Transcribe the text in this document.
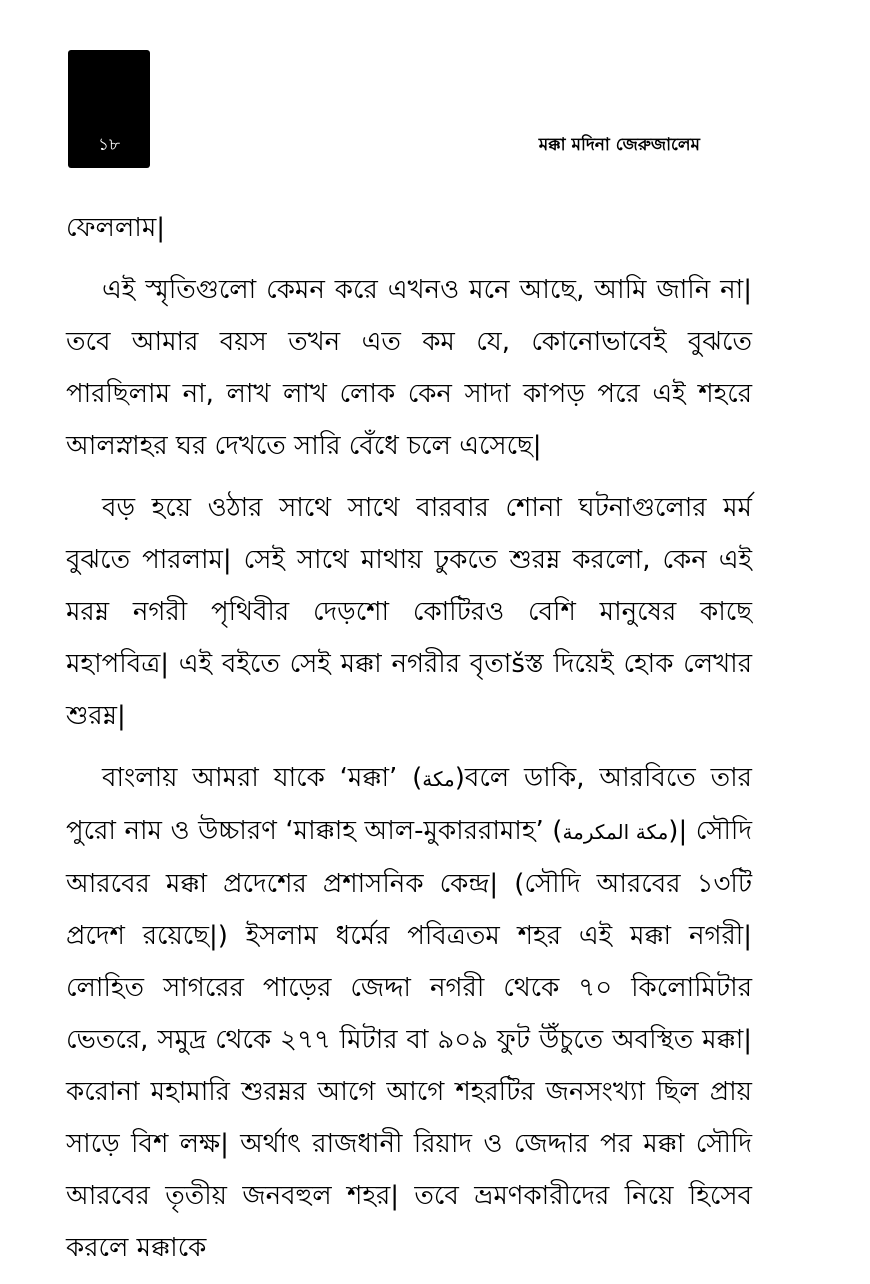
১৮	মক্কা মদিনা জেরুজালেম

ফেললাম|

এই স্মৃতিগুলো কেমন করে এখনও মনে আছে, আমি জানি না| তবে আমার বয়স তখন এত কম যে, কোনোভাবেই বুঝতে পারছিলাম না, লাখ লাখ লোক কেন সাদা কাপড় পরে এই শহরে আলস্নাহর ঘর দেখতে সারি বেঁধে চলে এসেছে|

বড় হয়ে ওঠার সাথে সাথে বারবার শোনা ঘটনাগুলোর মর্ম বুঝতে পারলাম| সেই সাথে মাথায় ঢুকতে শুরম্ন করলো, কেন এই মরম্ন নগরী পৃথিবীর দেড়শো কোটিরও বেশি মানুষের কাছে মহাপবিত্র| এই বইতে সেই মক্কা নগরীর বৃতাšস্ত দিয়েই হোক লেখার শুরম্ন|

বাংলায় আমরা যাকে ‘মক্কা’ (مكة)বলে ডাকি, আরবিতে তার পুরো নাম ও উচ্চারণ ‘মাক্কাহ আল-মুকাররামাহ’ (مكة المكرمة)| সৌদি আরবের মক্কা প্রদেশের প্রশাসনিক কেন্দ্র| (সৌদি আরবের ১৩টি প্রদেশ রয়েছে|) ইসলাম ধর্মের পবিত্রতম শহর এই মক্কা নগরী| লোহিত সাগরের পাড়ের জেদ্দা নগরী থেকে ৭০ কিলোমিটার ভেতরে, সমুদ্র থেকে ২৭৭ মিটার বা ৯০৯ ফুট উঁচুতে অবস্থিত মক্কা| করোনা মহামারি শুরম্নর আগে আগে শহরটির জনসংখ্যা ছিল প্রায় সাড়ে বিশ লক্ষ| অর্থাৎ রাজধানী রিয়াদ ও জেদ্দার পর মক্কা সৌদি আরবের তৃতীয় জনবহুল শহর| তবে ভ্রমণকারীদের নিয়ে হিসেব করলে মক্কাকে
